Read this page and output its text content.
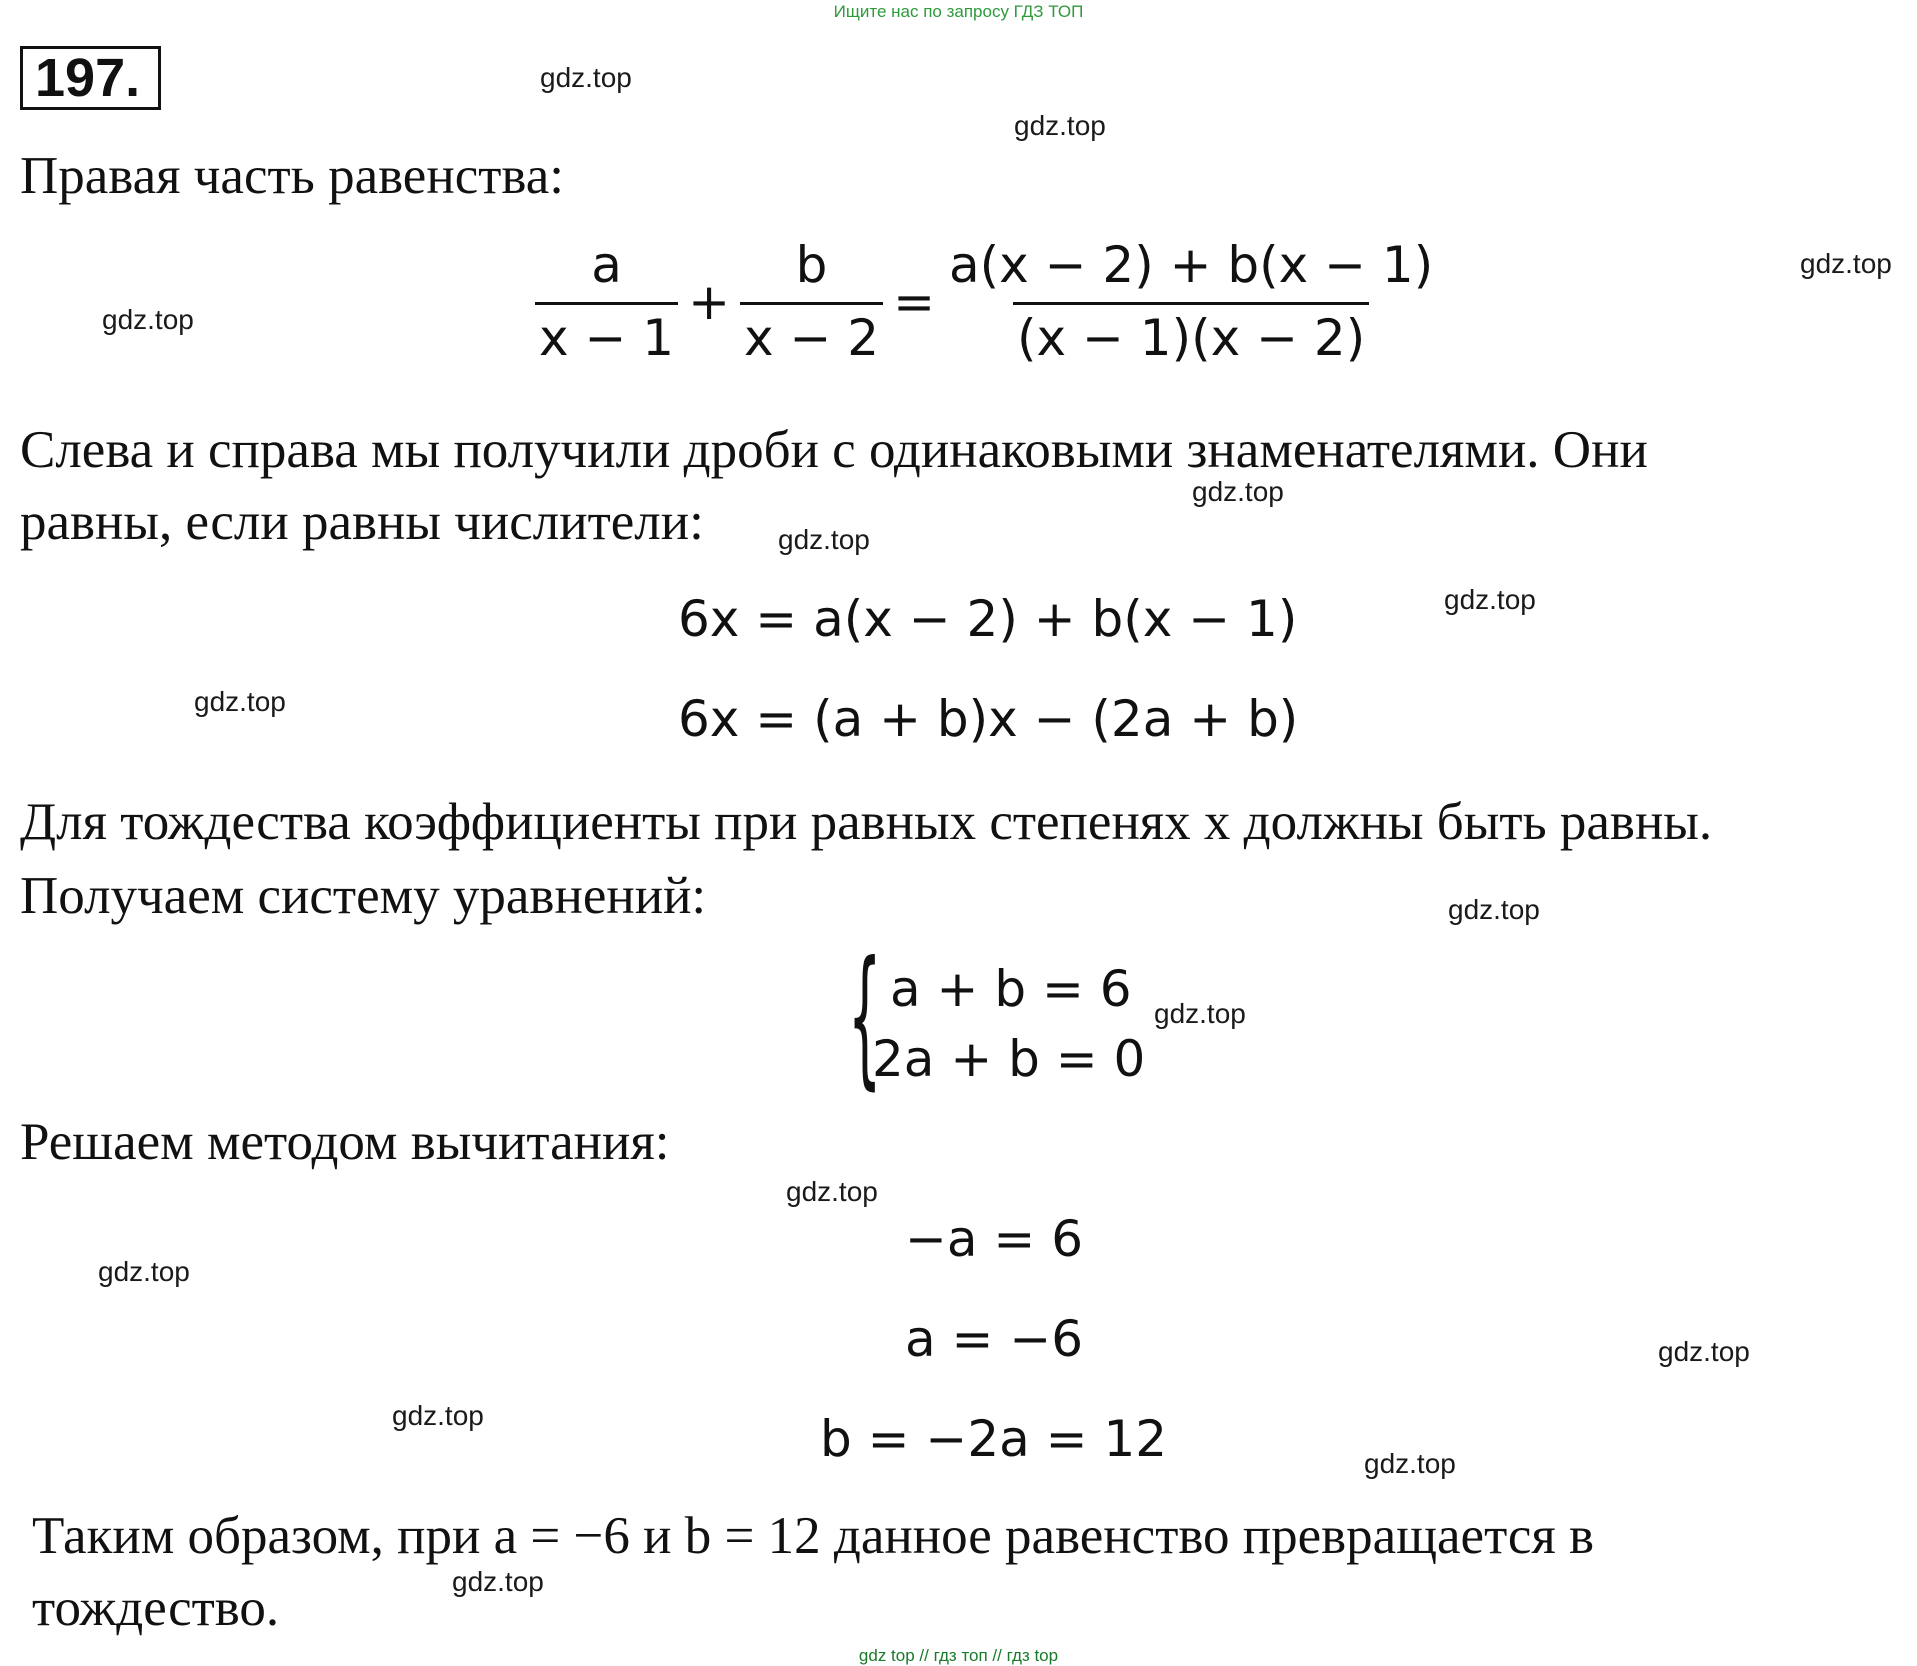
Ищите нас по запросу ГДЗ ТОП
197.
Правая часть равенства:
$\frac{a}{x - 1} + \frac{b}{x - 2} = \frac{a(x - 2) + b(x - 1)}{(x - 1)(x - 2)}$
Слева и справа мы получили дроби с одинаковыми знаменателями. Они
равны, если равны числители:
6x = a(x − 2) + b(x − 1)
6x = (a + b)x − (2a + b)
Для тождества коэффициенты при равных степенях x должны быть равны.
Получаем систему уравнений:
{ a + b = 6
2a + b = 0
Решаем методом вычитания:
−a = 6
a = −6
b = −2a = 12
Таким образом, при a = −6 и b = 12 данное равенство превращается в
тождество.
gdz.top
gdz.top
gdz.top
gdz.top
gdz.top
gdz.top
gdz.top
gdz.top
gdz.top
gdz.top
gdz.top
gdz.top
gdz.top
gdz.top
gdz.top
gdz.top
gdz top // гдз топ // гдз top
